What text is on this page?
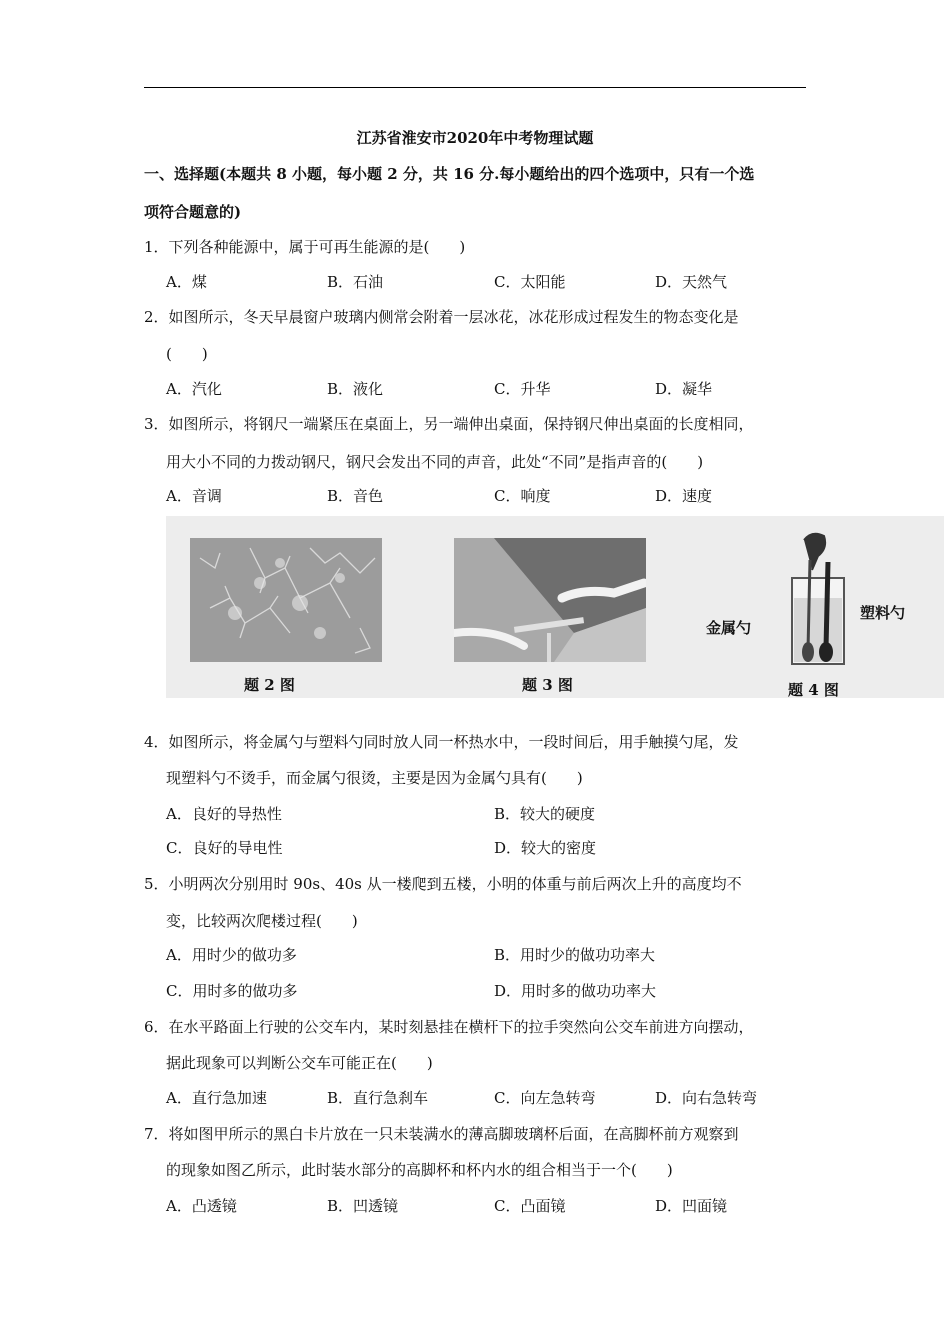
江苏省淮安市2020年中考物理试题
一、选择题(本题共 8 小题，每小题 2 分，共 16 分.每小题给出的四个选项中，只有一个选
项符合题意的)
1．下列各种能源中，属于可再生能源的是(　　)
A．煤	B．石油	C．太阳能	D．天然气
2．如图所示，冬天早晨窗户玻璃内侧常会附着一层冰花，冰花形成过程发生的物态变化是
(　　)
A．汽化	B．液化	C．升华	D．凝华
3．如图所示，将钢尺一端紧压在桌面上，另一端伸出桌面，保持钢尺伸出桌面的长度相同，
用大小不同的力拨动钢尺，钢尺会发出不同的声音，此处“不同”是指声音的(　　)
A．音调	B．音色	C．响度	D．速度
题 2 图	题 3 图
金属勺
塑料勺
题 4 图
4．如图所示，将金属勺与塑料勺同时放人同一杯热水中，一段时间后，用手触摸勺尾，发
现塑料勺不烫手，而金属勺很烫，主要是因为金属勺具有(　　)
A．良好的导热性	B．较大的硬度
C．良好的导电性	D．较大的密度
5．小明两次分别用时 90s、40s 从一楼爬到五楼，小明的体重与前后两次上升的高度均不
变，比较两次爬楼过程(　　)
A．用时少的做功多	B．用时少的做功功率大
C．用时多的做功多	D．用时多的做功功率大
6．在水平路面上行驶的公交车内，某时刻悬挂在横杆下的拉手突然向公交车前进方向摆动，
据此现象可以判断公交车可能正在(　　)
A．直行急加速	B．直行急刹车	C．向左急转弯	D．向右急转弯
7．将如图甲所示的黑白卡片放在一只未装满水的薄高脚玻璃杯后面，在高脚杯前方观察到
的现象如图乙所示，此时装水部分的高脚杯和杯内水的组合相当于一个(　　)
A．凸透镜	B．凹透镜	C．凸面镜	D．凹面镜
